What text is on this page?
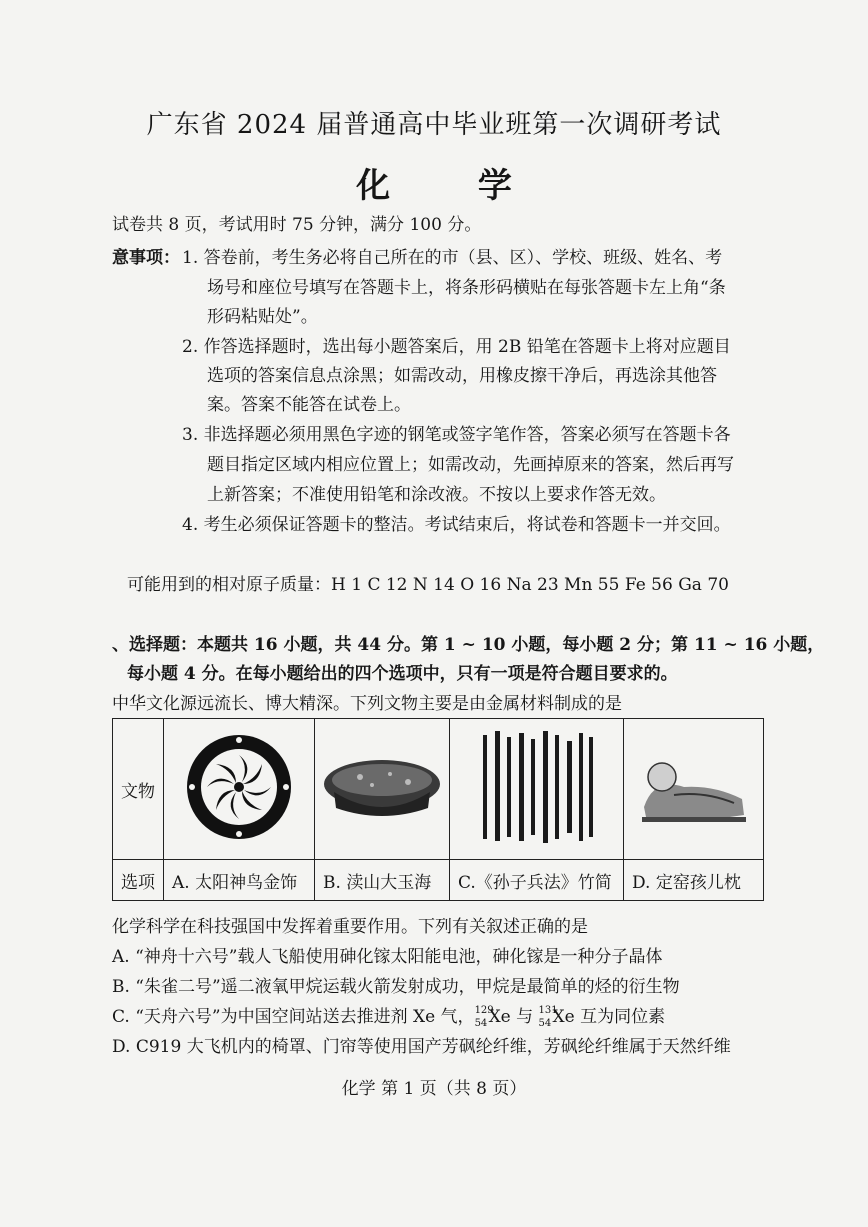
广东省 2024 届普通高中毕业班第一次调研考试
化 学
试卷共 8 页，考试用时 75 分钟，满分 100 分。
意事项： 1. 答卷前，考生务必将自己所在的市（县、区）、学校、班级、姓名、考
场号和座位号填写在答题卡上，将条形码横贴在每张答题卡左上角“条
形码粘贴处”。
2. 作答选择题时，选出每小题答案后，用 2B 铅笔在答题卡上将对应题目
选项的答案信息点涂黑；如需改动，用橡皮擦干净后，再选涂其他答
案。答案不能答在试卷上。
3. 非选择题必须用黑色字迹的钢笔或签字笔作答，答案必须写在答题卡各
题目指定区域内相应位置上；如需改动，先画掉原来的答案，然后再写
上新答案；不准使用铅笔和涂改液。不按以上要求作答无效。
4. 考生必须保证答题卡的整洁。考试结束后，将试卷和答题卡一并交回。
可能用到的相对原子质量：H 1 C 12 N 14 O 16 Na 23 Mn 55 Fe 56 Ga 70
、选择题：本题共 16 小题，共 44 分。第 1 ~ 10 小题，每小题 2 分；第 11 ~ 16 小题，
每小题 4 分。在每小题给出的四个选项中，只有一项是符合题目要求的。
中华文化源远流长、博大精深。下列文物主要是由金属材料制成的是
文物				
选项	A. 太阳神鸟金饰	B. 渎山大玉海	C.《孙子兵法》竹简	D. 定窑孩儿枕
化学科学在科技强国中发挥着重要作用。下列有关叙述正确的是
A. “神舟十六号”载人飞船使用砷化镓太阳能电池，砷化镓是一种分子晶体
B. “朱雀二号”遥二液氧甲烷运载火箭发射成功，甲烷是最简单的烃的衍生物
C. “天舟六号”为中国空间站送去推进剂 Xe 气， 129
54 Xe 与 131
54 Xe 互为同位素
D. C919 大飞机内的椅罩、门帘等使用国产芳砜纶纤维，芳砜纶纤维属于天然纤维
化学 第 1 页（共 8 页）
